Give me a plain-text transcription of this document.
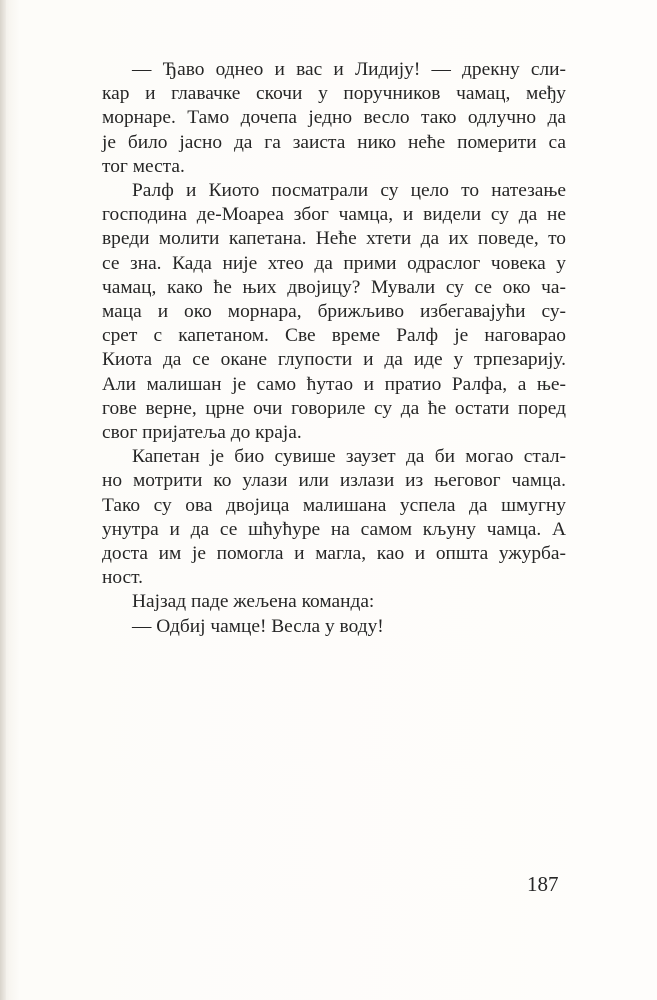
— Ђаво однео и вас и Лидију! — дрекну сли-
кар и главачке скочи у поручников чамац, међу
морнаре. Тамо дочепа једно весло тако одлучно да
је било јасно да га заиста нико неће померити са
тог места.
Ралф и Киото посматрали су цело то натезање
господина де-Моареа због чамца, и видели су да не
вреди молити капетана. Неће хтети да их поведе, то
се зна. Када није хтео да прими одраслог човека у
чамац, како ће њих двојицу? Мували су се око ча-
маца и око морнара, брижљиво избегавајући су-
срет с капетаном. Све време Ралф је наговарао
Киота да се окане глупости и да иде у трпезарију.
Али малишан је само ћутао и пратио Ралфа, а ње-
гове верне, црне очи говориле су да ће остати поред
свог пријатеља до краја.
Капетан је био сувише заузет да би могао стал-
но мотрити ко улази или излази из његовог чамца.
Тако су ова двојица малишана успела да шмугну
унутра и да се шћућуре на самом кљуну чамца. А
доста им је помогла и магла, као и општа ужурба-
ност.
Најзад паде жељена команда:
— Одбиј чамце! Весла у воду!
187
